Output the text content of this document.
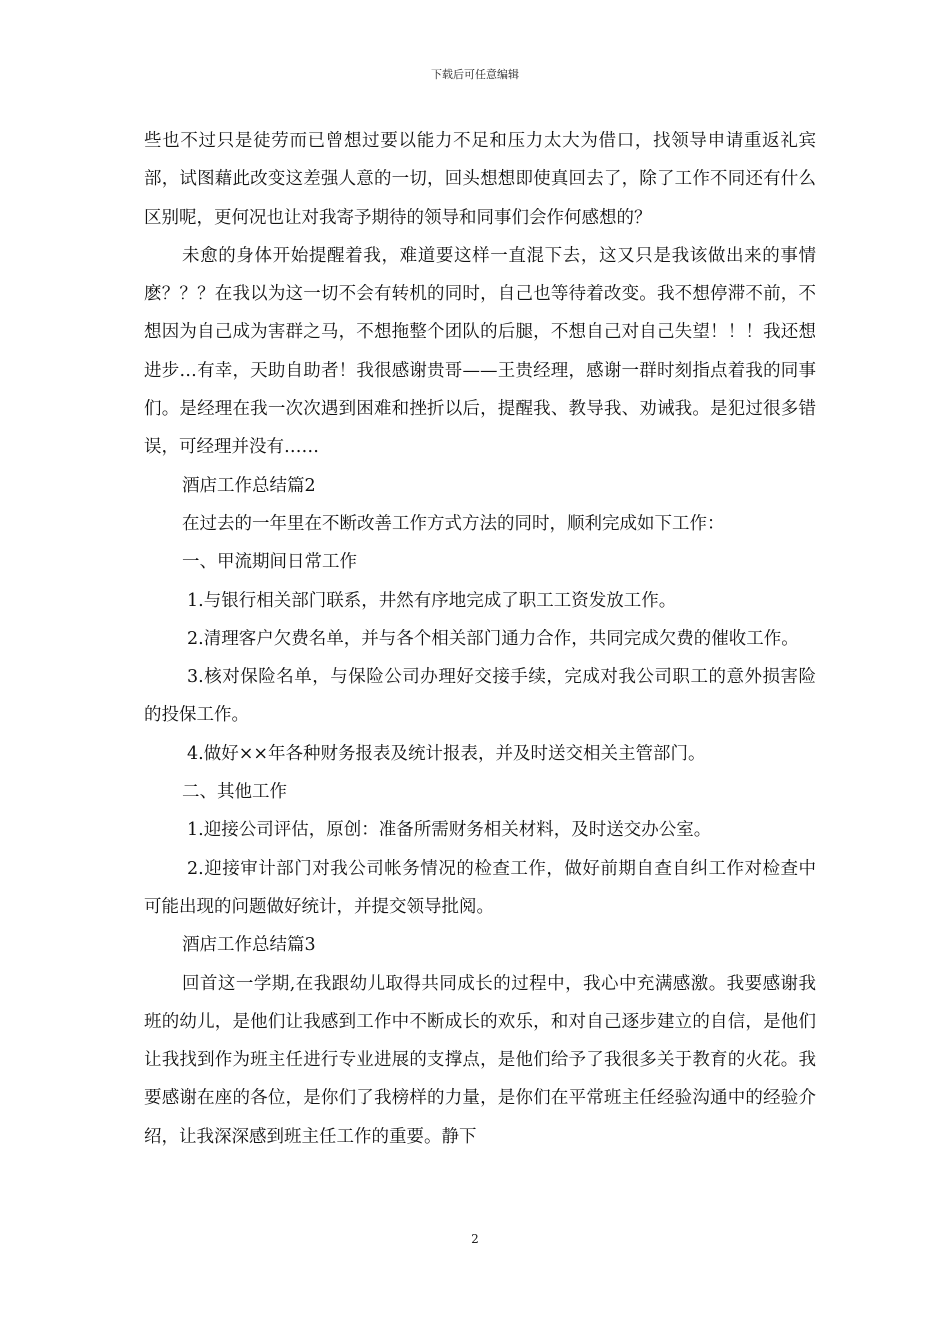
下载后可任意编辑

些也不过只是徒劳而已曾想过要以能力不足和压力太大为借口，找领导申请重返礼宾部，试图藉此改变这差强人意的一切，回头想想即使真回去了，除了工作不同还有什么区别呢，更何况也让对我寄予期待的领导和同事们会作何感想的？

未愈的身体开始提醒着我，难道要这样一直混下去，这又只是我该做出来的事情麽？？？在我以为这一切不会有转机的同时，自己也等待着改变。我不想停滞不前，不想因为自己成为害群之马，不想拖整个团队的后腿，不想自己对自己失望！！！我还想进步…有幸，天助自助者！我很感谢贵哥——王贵经理，感谢一群时刻指点着我的同事们。是经理在我一次次遇到困难和挫折以后，提醒我、教导我、劝诫我。是犯过很多错误，可经理并没有……

酒店工作总结篇2

在过去的一年里在不断改善工作方式方法的同时，顺利完成如下工作：

一、甲流期间日常工作

1.与银行相关部门联系，井然有序地完成了职工工资发放工作。

2.清理客户欠费名单，并与各个相关部门通力合作，共同完成欠费的催收工作。

3.核对保险名单，与保险公司办理好交接手续，完成对我公司职工的意外损害险的投保工作。

4.做好××年各种财务报表及统计报表，并及时送交相关主管部门。

二、其他工作

1.迎接公司评估，原创：准备所需财务相关材料，及时送交办公室。

2.迎接审计部门对我公司帐务情况的检查工作，做好前期自查自纠工作对检查中可能出现的问题做好统计，并提交领导批阅。

酒店工作总结篇3

回首这一学期,在我跟幼儿取得共同成长的过程中，我心中充满感激。我要感谢我班的幼儿，是他们让我感到工作中不断成长的欢乐，和对自己逐步建立的自信，是他们让我找到作为班主任进行专业进展的支撑点，是他们给予了我很多关于教育的火花。我要感谢在座的各位，是你们了我榜样的力量，是你们在平常班主任经验沟通中的经验介绍，让我深深感到班主任工作的重要。静下

2
